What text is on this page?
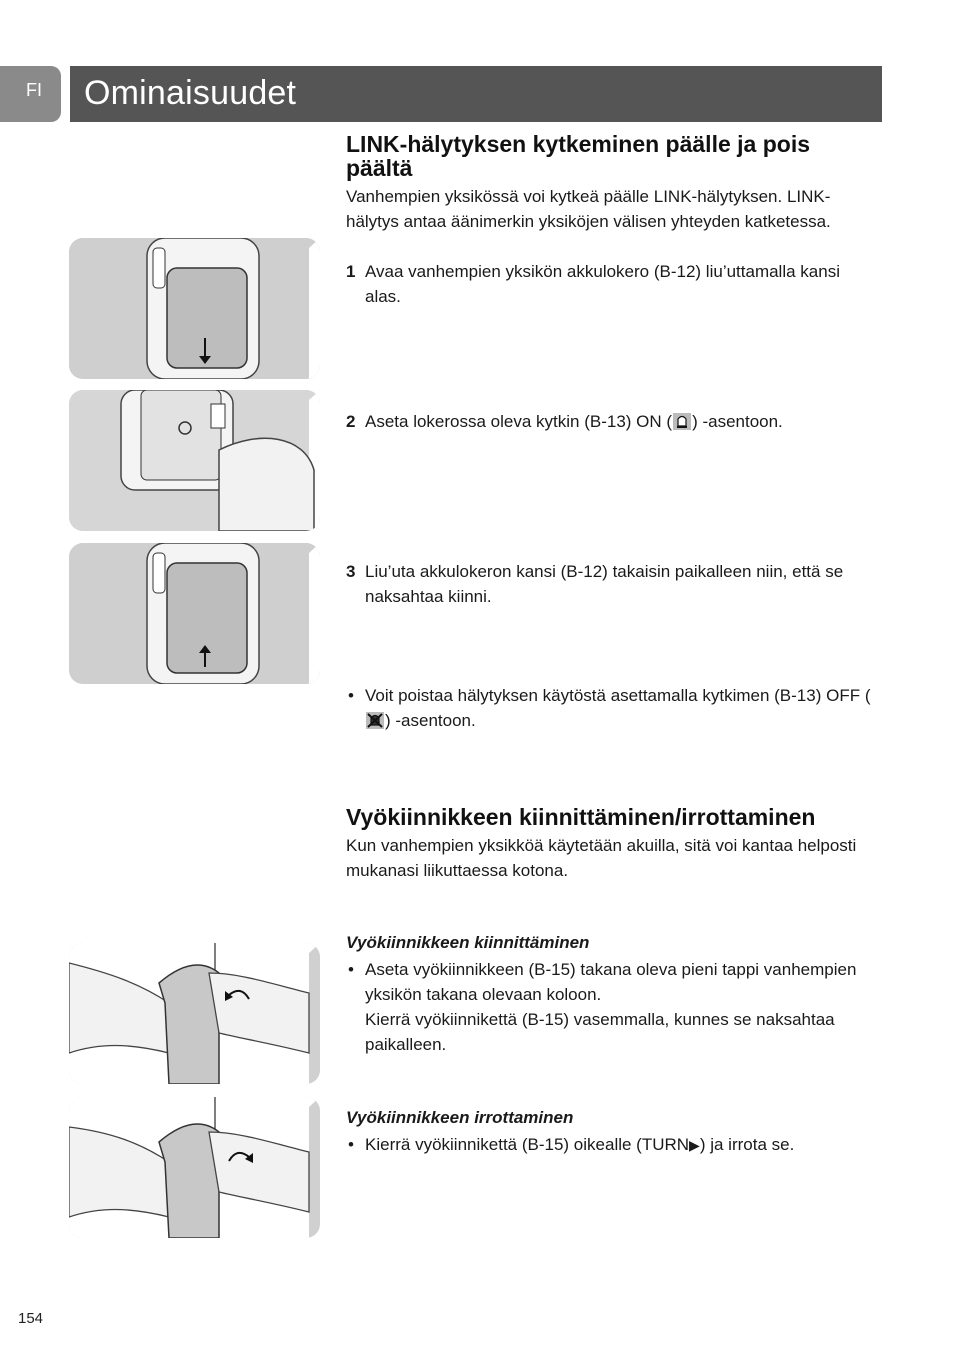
FI Ominaisuudet
LINK-hälytyksen kytkeminen päälle ja pois päältä

Vanhempien yksikössä voi kytkeä päälle LINK-hälytyksen. LINK-hälytys antaa äänimerkin yksiköjen välisen yhteyden katketessa.

1 Avaa vanhempien yksikön akkulokero (B-12) liu’uttamalla kansi alas.
2 Aseta lokerossa oleva kytkin (B-13) ON ( ) -asentoon.
3 Liu’uta akkulokeron kansi (B-12) takaisin paikalleen niin, että se naksahtaa kiinni.
• Voit poistaa hälytyksen käytöstä asettamalla kytkimen (B-13) OFF () -asentoon.
Vyökiinnikkeen kiinnittäminen/irrottaminen

Kun vanhempien yksikköä käytetään akuilla, sitä voi kantaa helposti mukanasi liikuttaessa kotona.

Vyökiinnikkeen kiinnittäminen
• Aseta vyökiinnikkeen (B-15) takana oleva pieni tappi vanhempien yksikön takana olevaan koloon.
Kierrä vyökiinnikettä (B-15) vasemmalla, kunnes se naksahtaa paikalleen.
Vyökiinnikkeen irrottaminen
• Kierrä vyökiinnikettä (B-15) oikealle (TURN▶) ja irrota se.
154
